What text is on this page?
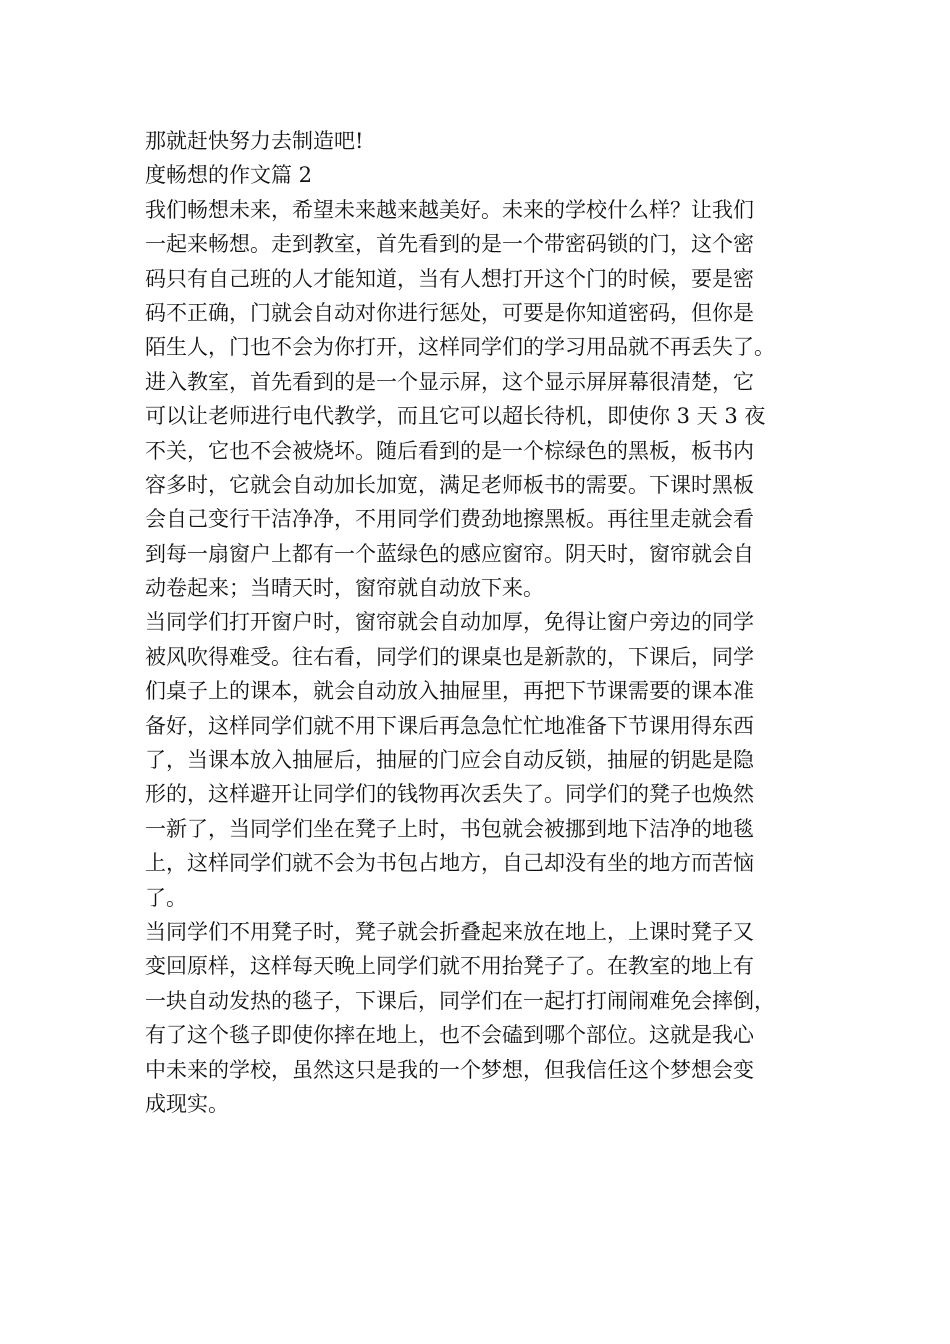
那就赶快努力去制造吧!
度畅想的作文篇 2
我们畅想未来，希望未来越来越美好。未来的学校什么样？让我们
一起来畅想。走到教室，首先看到的是一个带密码锁的门，这个密
码只有自己班的人才能知道，当有人想打开这个门的时候，要是密
码不正确，门就会自动对你进行惩处，可要是你知道密码，但你是
陌生人，门也不会为你打开，这样同学们的学习用品就不再丢失了。
进入教室，首先看到的是一个显示屏，这个显示屏屏幕很清楚，它
可以让老师进行电代教学，而且它可以超长待机，即使你 3 天 3 夜
不关，它也不会被烧坏。随后看到的是一个棕绿色的黑板，板书内
容多时，它就会自动加长加宽，满足老师板书的需要。下课时黑板
会自己变行干洁净净，不用同学们费劲地擦黑板。再往里走就会看
到每一扇窗户上都有一个蓝绿色的感应窗帘。阴天时，窗帘就会自
动卷起来；当晴天时，窗帘就自动放下来。
当同学们打开窗户时，窗帘就会自动加厚，免得让窗户旁边的同学
被风吹得难受。往右看，同学们的课桌也是新款的，下课后，同学
们桌子上的课本，就会自动放入抽屉里，再把下节课需要的课本准
备好，这样同学们就不用下课后再急急忙忙地准备下节课用得东西
了，当课本放入抽屉后，抽屉的门应会自动反锁，抽屉的钥匙是隐
形的，这样避开让同学们的钱物再次丢失了。同学们的凳子也焕然
一新了，当同学们坐在凳子上时，书包就会被挪到地下洁净的地毯
上，这样同学们就不会为书包占地方，自己却没有坐的地方而苦恼
了。
当同学们不用凳子时，凳子就会折叠起来放在地上，上课时凳子又
变回原样，这样每天晚上同学们就不用抬凳子了。在教室的地上有
一块自动发热的毯子，下课后，同学们在一起打打闹闹难免会摔倒，
有了这个毯子即使你摔在地上，也不会磕到哪个部位。这就是我心
中未来的学校，虽然这只是我的一个梦想，但我信任这个梦想会变
成现实。
